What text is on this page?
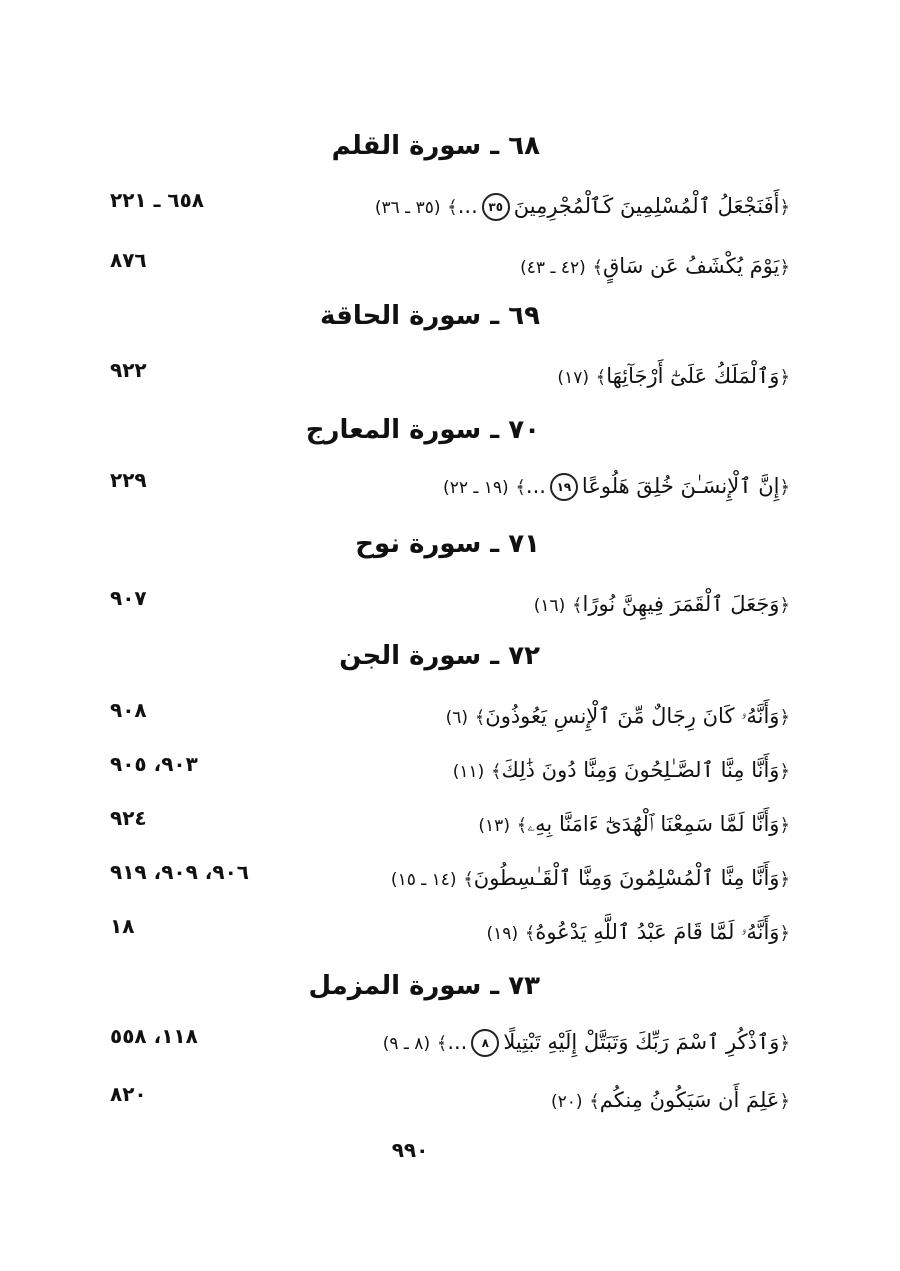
٦٨ ـ سورة القلم
﴿أَفَنَجْعَلُ ٱلْمُسْلِمِينَ كَٱلْمُجْرِمِينَ٣٥...﴾ (٣٥ ـ ٣٦)
٦٥٨ ـ ٢٢١
﴿يَوْمَ يُكْشَفُ عَن سَاقٍ﴾ (٤٢ ـ ٤٣)
٨٧٦
٦٩ ـ سورة الحاقة
﴿وَٱلْمَلَكُ عَلَىٰٓ أَرْجَآئِهَا﴾ (١٧)
٩٢٢
٧٠ ـ سورة المعارج
﴿إِنَّ ٱلْإِنسَـٰنَ خُلِقَ هَلُوعًا١٩...﴾ (١٩ ـ ٢٢)
٢٢٩
٧١ ـ سورة نوح
﴿وَجَعَلَ ٱلْقَمَرَ فِيهِنَّ نُورًا﴾ (١٦)
٩٠٧
٧٢ ـ سورة الجن
﴿وَأَنَّهُۥ كَانَ رِجَالٌ مِّنَ ٱلْإِنسِ يَعُوذُونَ﴾ (٦)
٩٠٨
﴿وَأَنَّا مِنَّا ٱلصَّـٰلِحُونَ وَمِنَّا دُونَ ذَٰلِكَ﴾ (١١)
٩٠٣، ٩٠٥
﴿وَأَنَّا لَمَّا سَمِعْنَا ٱلْهُدَىٰٓ ءَامَنَّا بِهِۦ﴾ (١٣)
٩٢٤
﴿وَأَنَّا مِنَّا ٱلْمُسْلِمُونَ وَمِنَّا ٱلْقَـٰسِطُونَ﴾ (١٤ ـ ١٥)
٩٠٦، ٩٠٩، ٩١٩
﴿وَأَنَّهُۥ لَمَّا قَامَ عَبْدُ ٱللَّهِ يَدْعُوهُ﴾ (١٩)
١٨
٧٣ ـ سورة المزمل
﴿وَٱذْكُرِ ٱسْمَ رَبِّكَ وَتَبَتَّلْ إِلَيْهِ تَبْتِيلًا٨...﴾ (٨ ـ ٩)
١١٨، ٥٥٨
﴿عَلِمَ أَن سَيَكُونُ مِنكُم﴾ (٢٠)
٨٢٠
٩٩٠
